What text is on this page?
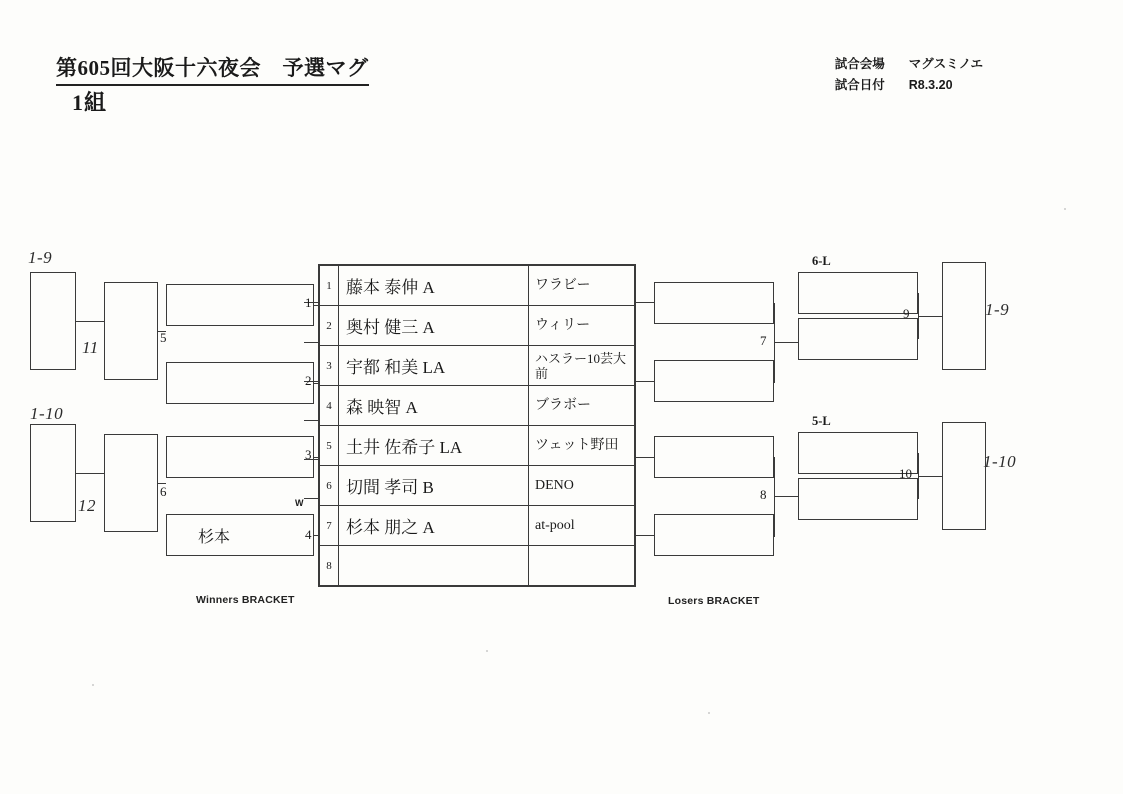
第605回大阪十六夜会　予選マグ
1組
試合会場 マグスミノエ
試合日付 R8.3.20
1-9
11
1-10
12
1-9
1-10
杉本
1
2
3
4
5
6
W
Winners BRACKET
1	藤本 泰伸 A	ワラビー
2	奥村 健三 A	ウィリー
3	宇都 和美 LA	ハスラー10芸大前
4	森 映智 A	ブラボー
5	土井 佐希子 LA	ツェット野田
6	切間 孝司 B	DENO
7	杉本 朋之 A	at-pool
8		
7
8
6-L
5-L
9
10
Losers BRACKET
